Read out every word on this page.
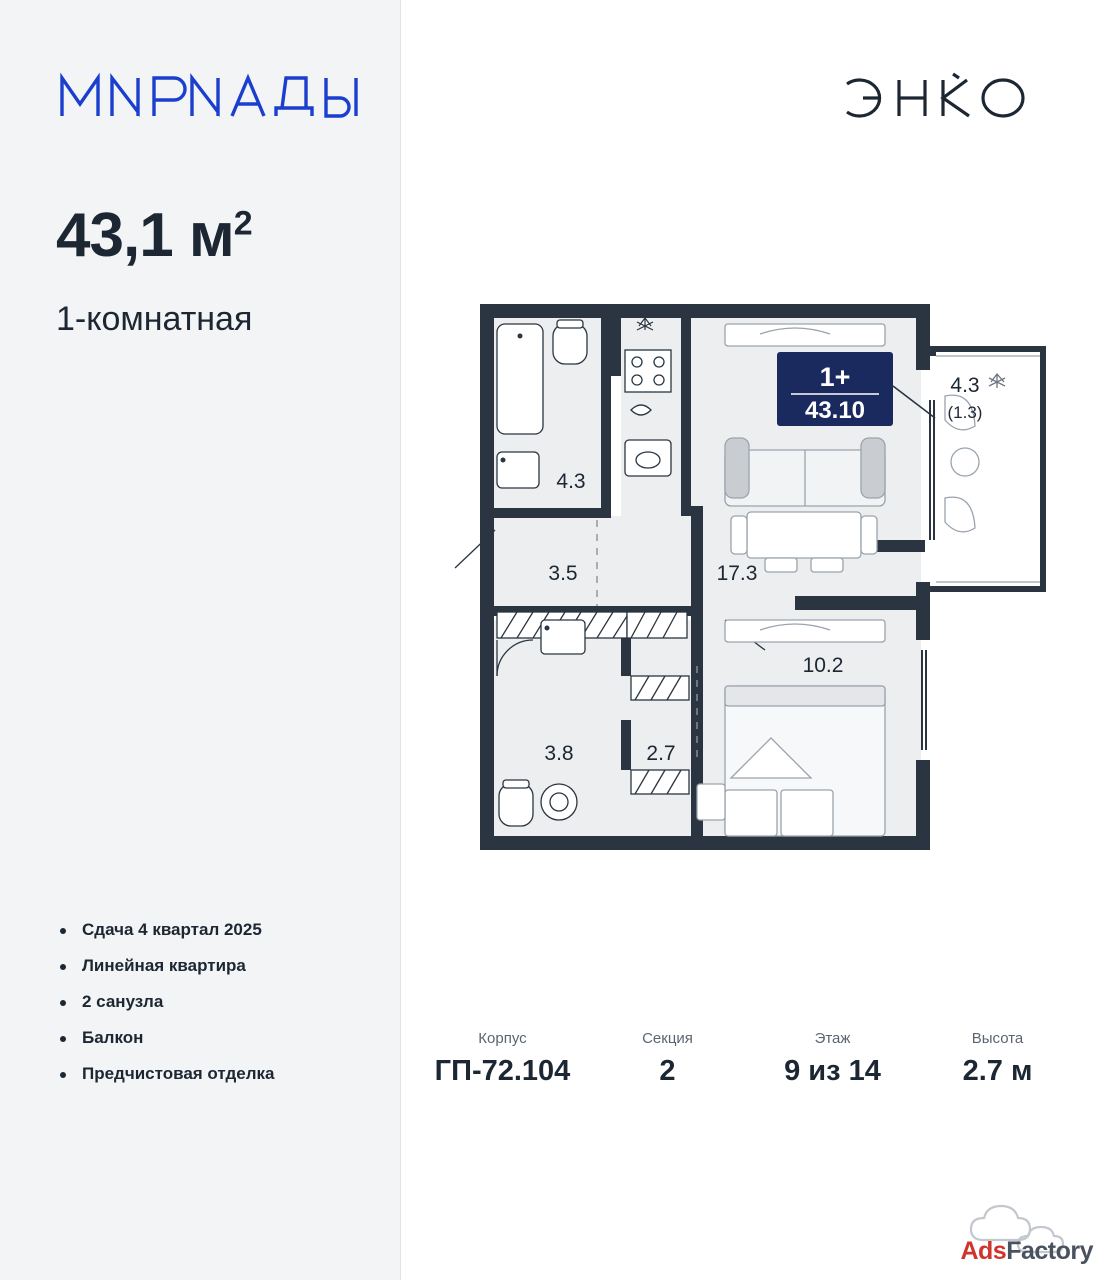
43,1 $м^2$
1-комнатная
Сдача 4 квартал 2025
Линейная квартира
2 санузла
Балкон
Предчистовая отделка
1+
43.10
4.3
3.5	17.3
4.3
(1.3)
10.2
3.8	2.7
Корпус
ГП-72.104
Секция
2
Этаж
9 из 14
Высота
2.7 м
AdsFactory
